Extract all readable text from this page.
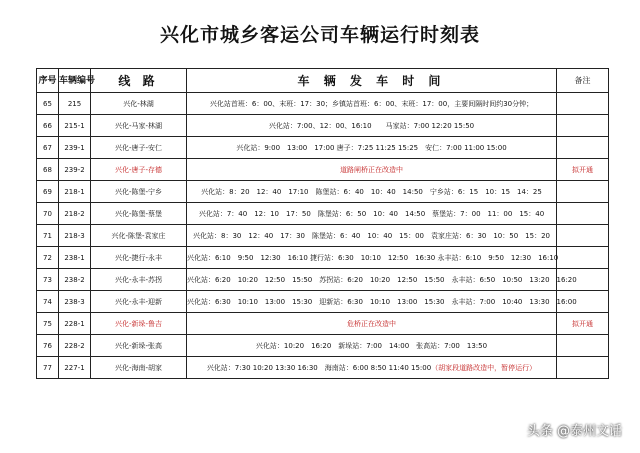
兴化市城乡客运公司车辆运行时刻表
序号	车辆编号	线 路	车 辆 发 车 时 间	备注
65	215	兴化-林湖	兴化站首班：6：00、末班：17：30；乡镇站首班：6：00、末班：17：00，主要间隔时间约30分钟；	
66	215-1	兴化-马家-林湖	兴化站：7:00、12：00、16:10　　马家站：7:00 12:20 15:50	
67	239-1	兴化-唐子-安仁	兴化站：9:00　13:00　17:00 唐子：7:25 11:25 15:25　安仁：7:00 11:00 15:00	
68	239-2	兴化-唐子-存德	道路闸桥正在改造中	拟开通
69	218-1	兴化-陈堡-宁乡	兴化站：8：20　12：40　17:10　陈堡站：6：40　10：40　14:50　宁乡站：6：15　10：15　14：25	
70	218-2	兴化-陈堡-蔡堡	兴化站：7：40　12：10　17：50　陈堡站：6：50　10：40　14:50　蔡堡站：7：00　11：00　15：40	
71	218-3	兴化-陈堡-袁家庄	兴化站：8：30　12：40　17：30　陈堡站：6：40　10：40　15：00　袁家庄站：6：30　10：50　15：20	
72	238-1	兴化-捷行-永丰	兴化站：6:10　9:50　12:30　16:10 捷行站：6:30　10:10　12:50　16:30 永丰站：6:10　9:50　12:30　16:10	
73	238-2	兴化-永丰-苏拐	兴化站：6:20　10:20　12:50　15:50　苏拐站：6:20　10:20　12:50　15:50　永丰站：6:50　10:50　13:20　16:20	
74	238-3	兴化-永丰-迎新	兴化站：6:30　10:10　13:00　15:30　迎新站：6:30　10:10　13:00　15:30　永丰站：7:00　10:40　13:30　16:00	
75	228-1	兴化-新垛-鲁吉	危桥正在改造中	拟开通
76	228-2	兴化-新垛-张高	兴化站：10:20　16:20　新垛站：7:00　14:00　张高站：7:00　13:50	
77	227-1	兴化-海南-胡家	兴化站：7:30 10:20 13:30 16:30　海南站：6:00 8:50 11:40 15:00（胡家段道路改造中，暂停运行）	
头条 @泰州文话
